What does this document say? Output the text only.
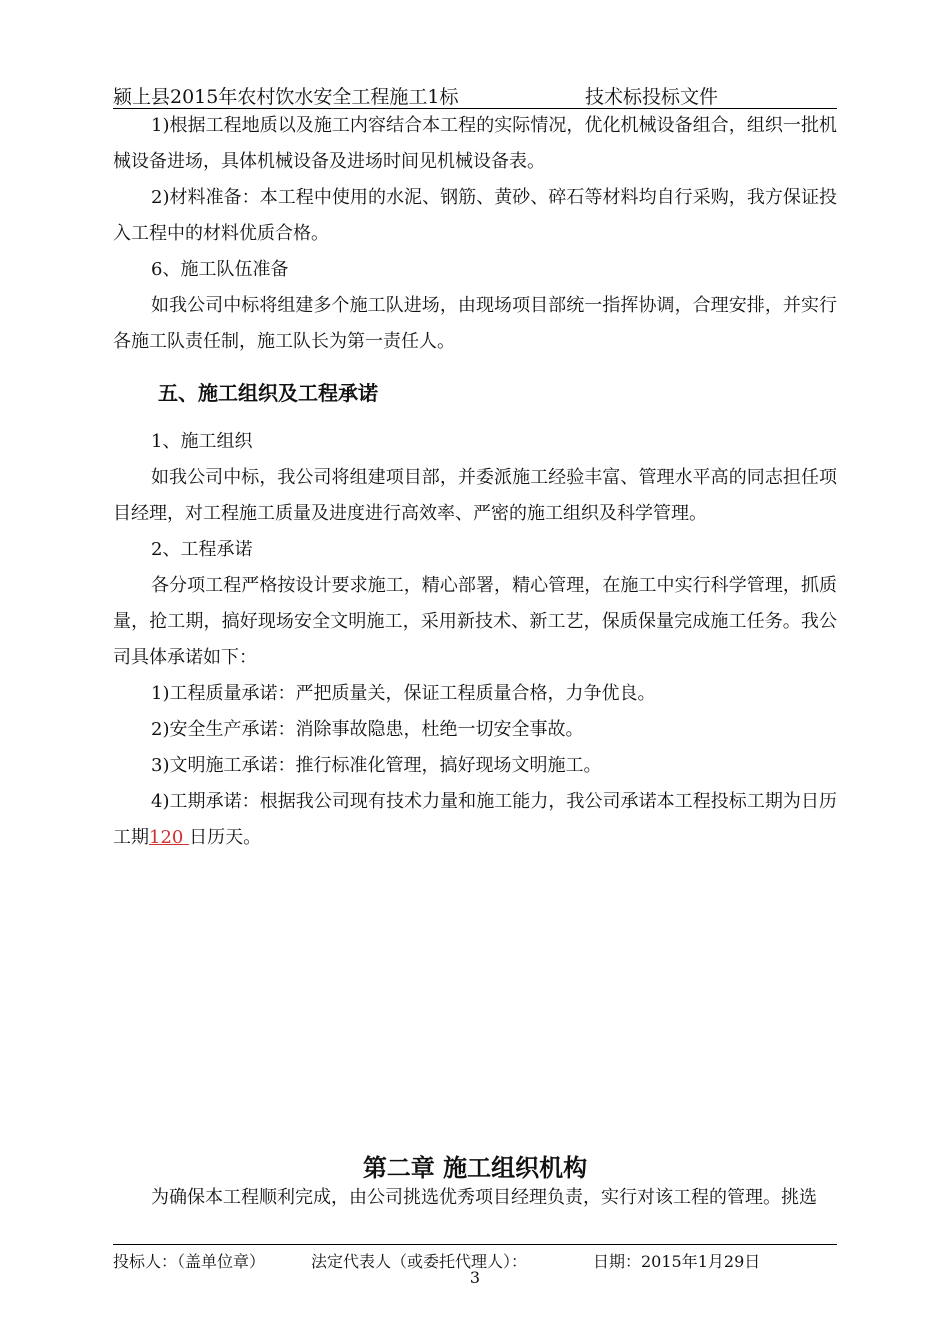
颍上县2015年农村饮水安全工程施工1标	技术标投标文件

1)根据工程地质以及施工内容结合本工程的实际情况，优化机械设备组合，组织一批机械设备进场，具体机械设备及进场时间见机械设备表。

2)材料准备：本工程中使用的水泥、钢筋、黄砂、碎石等材料均自行采购，我方保证投入工程中的材料优质合格。

6、施工队伍准备

如我公司中标将组建多个施工队进场，由现场项目部统一指挥协调，合理安排，并实行各施工队责任制，施工队长为第一责任人。

五、施工组织及工程承诺

1、施工组织

如我公司中标，我公司将组建项目部，并委派施工经验丰富、管理水平高的同志担任项目经理，对工程施工质量及进度进行高效率、严密的施工组织及科学管理。

2、工程承诺

各分项工程严格按设计要求施工，精心部署，精心管理，在施工中实行科学管理，抓质量，抢工期，搞好现场安全文明施工，采用新技术、新工艺，保质保量完成施工任务。我公司具体承诺如下：

1)工程质量承诺：严把质量关，保证工程质量合格，力争优良。

2)安全生产承诺：消除事故隐患，杜绝一切安全事故。

3)文明施工承诺：推行标准化管理，搞好现场文明施工。

4)工期承诺：根据我公司现有技术力量和施工能力，我公司承诺本工程投标工期为日历工期120 日历天。

第二章 施工组织机构

为确保本工程顺利完成，由公司挑选优秀项目经理负责，实行对该工程的管理。挑选

投标人：（盖单位章）	法定代表人（或委托代理人）：	日期：2015年1月29日
3
